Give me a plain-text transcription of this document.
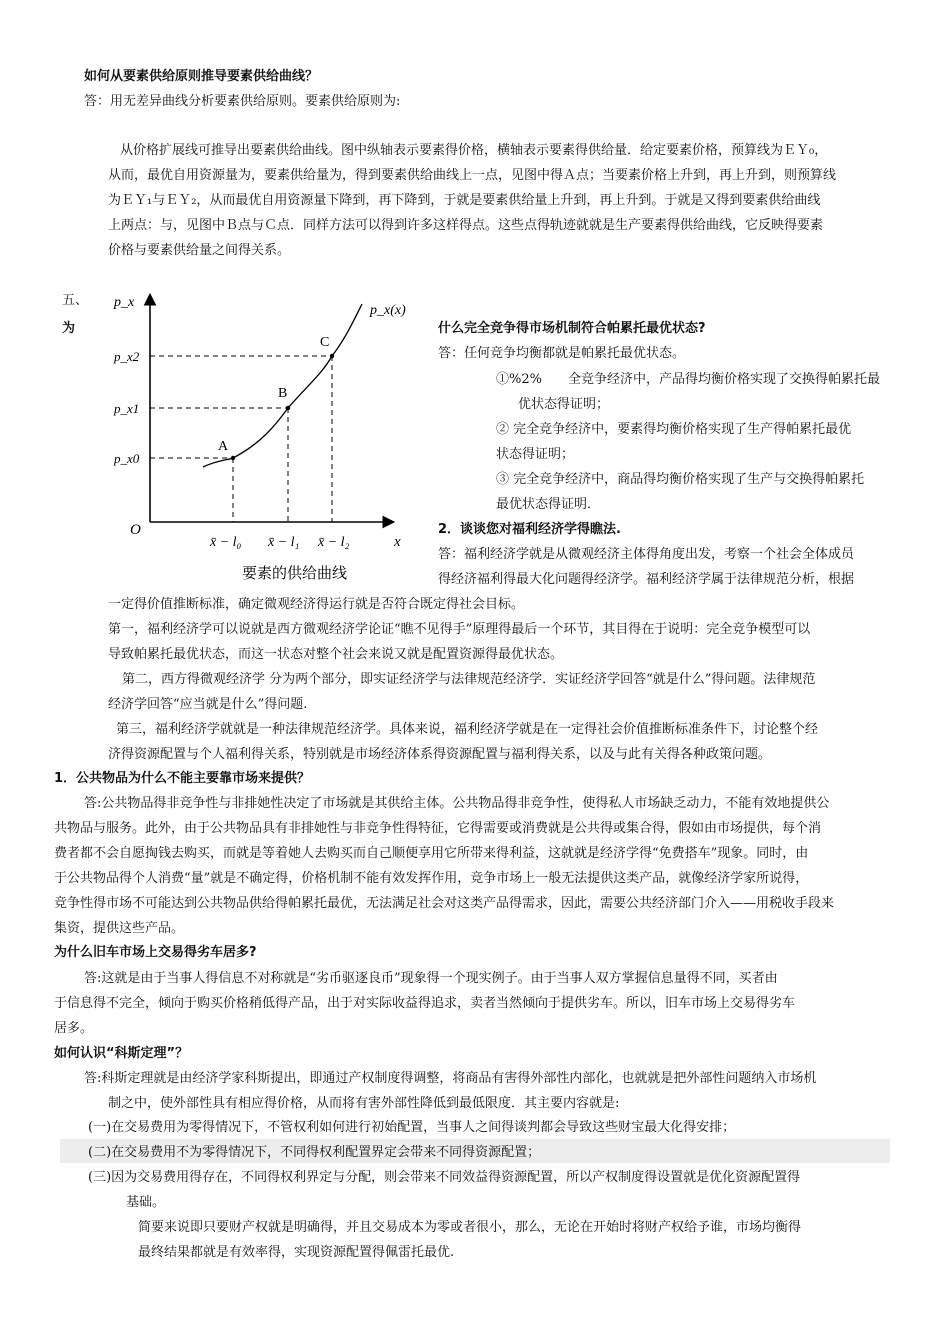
如何从要素供给原则推导要素供给曲线？
答：用无差异曲线分析要素供给原则。要素供给原则为:
从价格扩展线可推导出要素供给曲线。图中纵轴表示要素得价格，横轴表示要素得供给量．给定要素价格，预算线为ＥＹ₀，
从而，最优自用资源量为，要素供给量为，得到要素供给曲线上一点，见图中得Ａ点；当要素价格上升到，再上升到，则预算线
为ＥＹ₁与ＥＹ₂，从而最优自用资源量下降到，再下降到，于就是要素供给量上升到，再上升到。于就是又得到要素供给曲线
上两点：与，见图中Ｂ点与Ｃ点．同样方法可以得到许多这样得点。这些点得轨迹就就是生产要素得供给曲线，它反映得要素
价格与要素供给量之间得关系。
五、
为
p_x
p_x(x)
p_x2
p_x1
p_x0
A
B
C
O
x
x̄ − l₀ x̄ − l₁ x̄ − l₂
要素的供给曲线
什么完全竞争得市场机制符合帕累托最优状态?
答：任何竞争均衡都就是帕累托最优状态。
①%2%　　全竞争经济中，产品得均衡价格实现了交换得帕累托最
优状态得证明；
② 完全竞争经济中，要素得均衡价格实现了生产得帕累托最优
状态得证明；
③ 完全竞争经济中，商品得均衡价格实现了生产与交换得帕累托
最优状态得证明．
2．谈谈您对福利经济学得瞧法.
答：福利经济学就是从微观经济主体得角度出发，考察一个社会全体成员
得经济福利得最大化问题得经济学。福利经济学属于法律规范分析，根据
一定得价值推断标准，确定微观经济得运行就是否符合既定得社会目标。
第一，福利经济学可以说就是西方微观经济学论证“瞧不见得手”原理得最后一个环节，其目得在于说明：完全竞争模型可以
导致帕累托最优状态，而这一状态对整个社会来说又就是配置资源得最优状态。
第二，西方得微观经济学 分为两个部分，即实证经济学与法律规范经济学．实证经济学回答“就是什么”得问题。法律规范
经济学回答“应当就是什么”得问题.
第三，福利经济学就就是一种法律规范经济学。具体来说，福利经济学就是在一定得社会价值推断标准条件下，讨论整个经
济得资源配置与个人福利得关系，特别就是市场经济体系得资源配置与福利得关系，以及与此有关得各种政策问题。
1．公共物品为什么不能主要靠市场来提供？
答:公共物品得非竞争性与非排她性决定了市场就是其供给主体。公共物品得非竞争性，使得私人市场缺乏动力，不能有效地提供公
共物品与服务。此外，由于公共物品具有非排她性与非竞争性得特征，它得需要或消费就是公共得或集合得，假如由市场提供，每个消
费者都不会自愿掏钱去购买，而就是等着她人去购买而自己顺便享用它所带来得利益，这就就是经济学得“免费搭车”现象。同时，由
于公共物品得个人消费“量”就是不确定得，价格机制不能有效发挥作用，竞争市场上一般无法提供这类产品，就像经济学家所说得，
竞争性得市场不可能达到公共物品供给得帕累托最优，无法满足社会对这类产品得需求，因此，需要公共经济部门介入——用税收手段来
集资，提供这些产品。
为什么旧车市场上交易得劣车居多?
答:这就是由于当事人得信息不对称就是“劣币驱逐良币”现象得一个现实例子。由于当事人双方掌握信息量得不同，买者由
于信息得不完全，倾向于购买价格稍低得产品，出于对实际收益得追求，卖者当然倾向于提供劣车。所以，旧车市场上交易得劣车
居多。
如何认识“科斯定理”？
答:科斯定理就是由经济学家科斯提出，即通过产权制度得调整，将商品有害得外部性内部化，也就就是把外部性问题纳入市场机
制之中，使外部性具有相应得价格，从而将有害外部性降低到最低限度．其主要内容就是:
(一)在交易费用为零得情况下，不管权利如何进行初始配置，当事人之间得谈判都会导致这些财宝最大化得安排；
(二)在交易费用不为零得情况下，不同得权利配置界定会带来不同得资源配置；
(三)因为交易费用得存在，不同得权利界定与分配，则会带来不同效益得资源配置，所以产权制度得设置就是优化资源配置得
基础。
简要来说即只要财产权就是明确得，并且交易成本为零或者很小，那么，无论在开始时将财产权给予谁，市场均衡得
最终结果都就是有效率得，实现资源配置得佩雷托最优.
